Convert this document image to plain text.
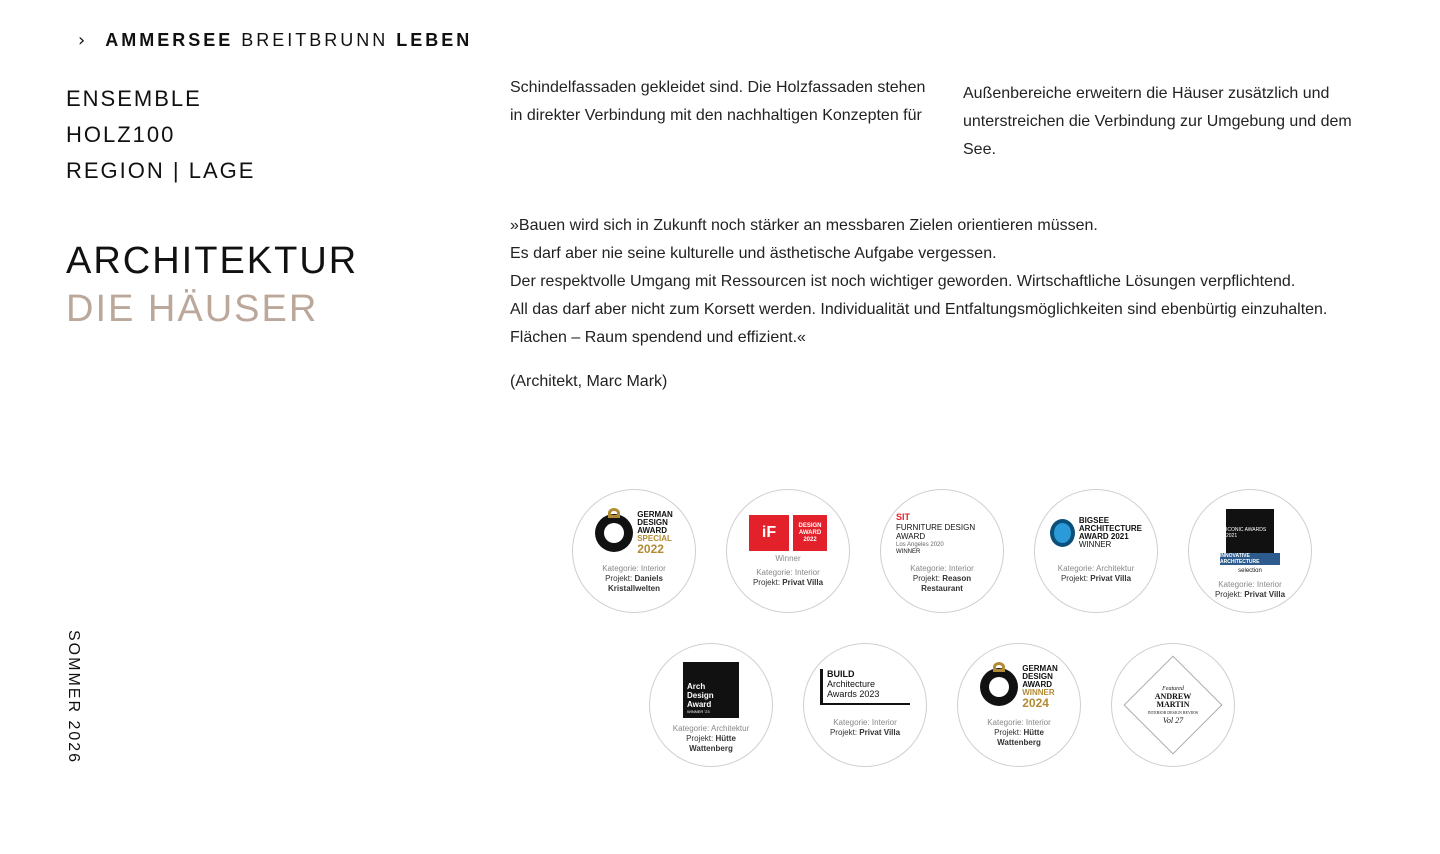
› AMMERSEE BREITBRUNN LEBEN
ENSEMBLE
HOLZ100
REGION | LAGE
ARCHITEKTUR
DIE HÄUSER
SOMMER 2026
Schindelfassaden gekleidet sind. Die Holzfassaden stehen
in direkter Verbindung mit den nachhaltigen Konzepten für
Außenbereiche erweitern die Häuser zusätzlich und
unterstreichen die Verbindung zur Umgebung und dem
See.

»Bauen wird sich in Zukunft noch stärker an messbaren Zielen orientieren müssen.

Es darf aber nie seine kulturelle und ästhetische Aufgabe vergessen.

Der respektvolle Umgang mit Ressourcen ist noch wichtiger geworden. Wirtschaftliche Lösungen verpflichtend.

All das darf aber nicht zum Korsett werden. Individualität und Entfaltungsmöglichkeiten sind ebenbürtig einzuhalten.

Flächen – Raum spendend und effizient.«

(Architekt, Marc Mark)
GERMAN
DESIGN
AWARD
SPECIAL
2022
Kategorie: Interior
Projekt: Daniels Kristallwelten
iF	DESIGN AWARD 2022
Winner
Kategorie: Interior
Projekt: Privat Villa
SIT
FURNITURE DESIGN AWARD
Los Angeles 2020
WINNER
Kategorie: Interior
Projekt: Reason Restaurant
BIGSEE
ARCHITECTURE
AWARD 2021
WINNER
Kategorie: Architektur
Projekt: Privat Villa
ICONIC AWARDS 2021
INNOVATIVE ARCHITECTURE
selection
Kategorie: Interior
Projekt: Privat Villa
Arch
Design
Award
WINNER '23
Kategorie: Architektur
Projekt: Hütte Wattenberg
BUILD
Architecture
Awards 2023
Kategorie: Interior
Projekt: Privat Villa
GERMAN
DESIGN
AWARD
WINNER
2024
Kategorie: Interior
Projekt: Hütte Wattenberg
Featured
ANDREW MARTIN
INTERIOR DESIGN REVIEW
Vol 27
